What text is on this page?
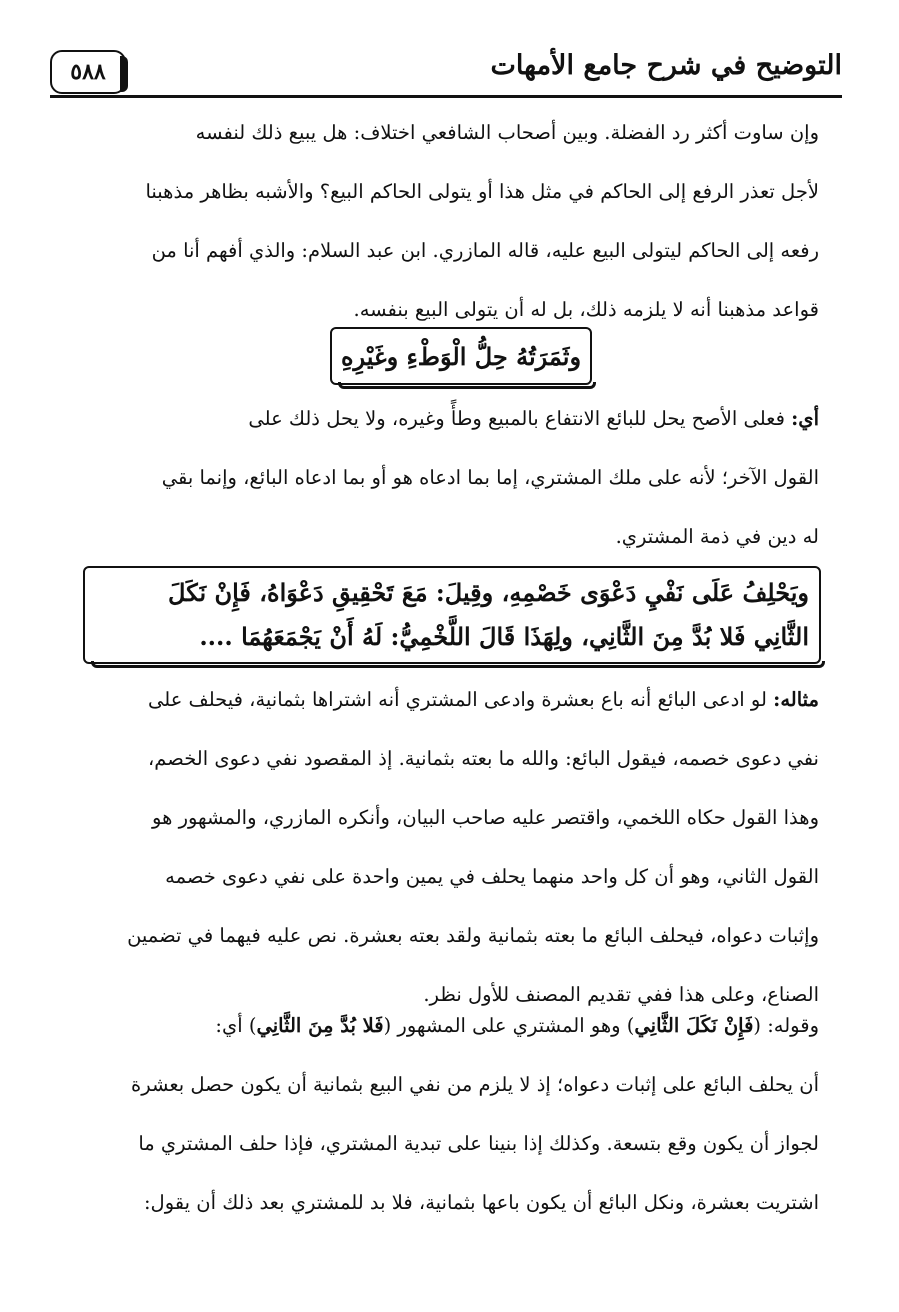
التوضيح في شرح جامع الأمهات
٥٨٨
وإن ساوت أكثر رد الفضلة. وبين أصحاب الشافعي اختلاف: هل يبيع ذلك لنفسه
لأجل تعذر الرفع إلى الحاكم في مثل هذا أو يتولى الحاكم البيع؟ والأشبه بظاهر مذهبنا
رفعه إلى الحاكم ليتولى البيع عليه، قاله المازري. ابن عبد السلام: والذي أفهم أنا من
قواعد مذهبنا أنه لا يلزمه ذلك، بل له أن يتولى البيع بنفسه.
وثَمَرَتُهُ حِلُّ الْوَطْءِ وغَيْرِهِ
أي: فعلى الأصح يحل للبائع الانتفاع بالمبيع وطأً وغيره، ولا يحل ذلك على
القول الآخر؛ لأنه على ملك المشتري، إما بما ادعاه هو أو بما ادعاه البائع، وإنما بقي
له دين في ذمة المشتري.
ويَحْلِفُ عَلَى نَفْيِ دَعْوَى خَصْمِهِ، وقِيلَ: مَعَ تَحْقِيقِ دَعْوَاهُ، فَإِنْ نَكَلَ
الثَّانِي فَلا بُدَّ مِنَ الثَّانِي، ولِهَذَا قَالَ اللَّخْمِيُّ: لَهُ أَنْ يَجْمَعَهُمَا ....
مثاله: لو ادعى البائع أنه باع بعشرة وادعى المشتري أنه اشتراها بثمانية، فيحلف على
نفي دعوى خصمه، فيقول البائع: والله ما بعته بثمانية. إذ المقصود نفي دعوى الخصم،
وهذا القول حكاه اللخمي، واقتصر عليه صاحب البيان، وأنكره المازري، والمشهور هو
القول الثاني، وهو أن كل واحد منهما يحلف في يمين واحدة على نفي دعوى خصمه
وإثبات دعواه، فيحلف البائع ما بعته بثمانية ولقد بعته بعشرة. نص عليه فيهما في تضمين
الصناع، وعلى هذا ففي تقديم المصنف للأول نظر.
وقوله: (فَإِنْ نَكَلَ الثَّانِي) وهو المشتري على المشهور (فَلا بُدَّ مِنَ الثَّانِي) أي:
أن يحلف البائع على إثبات دعواه؛ إذ لا يلزم من نفي البيع بثمانية أن يكون حصل بعشرة
لجواز أن يكون وقع بتسعة. وكذلك إذا بنينا على تبدية المشتري، فإذا حلف المشتري ما
اشتريت بعشرة، ونكل البائع أن يكون باعها بثمانية، فلا بد للمشتري بعد ذلك أن يقول:
